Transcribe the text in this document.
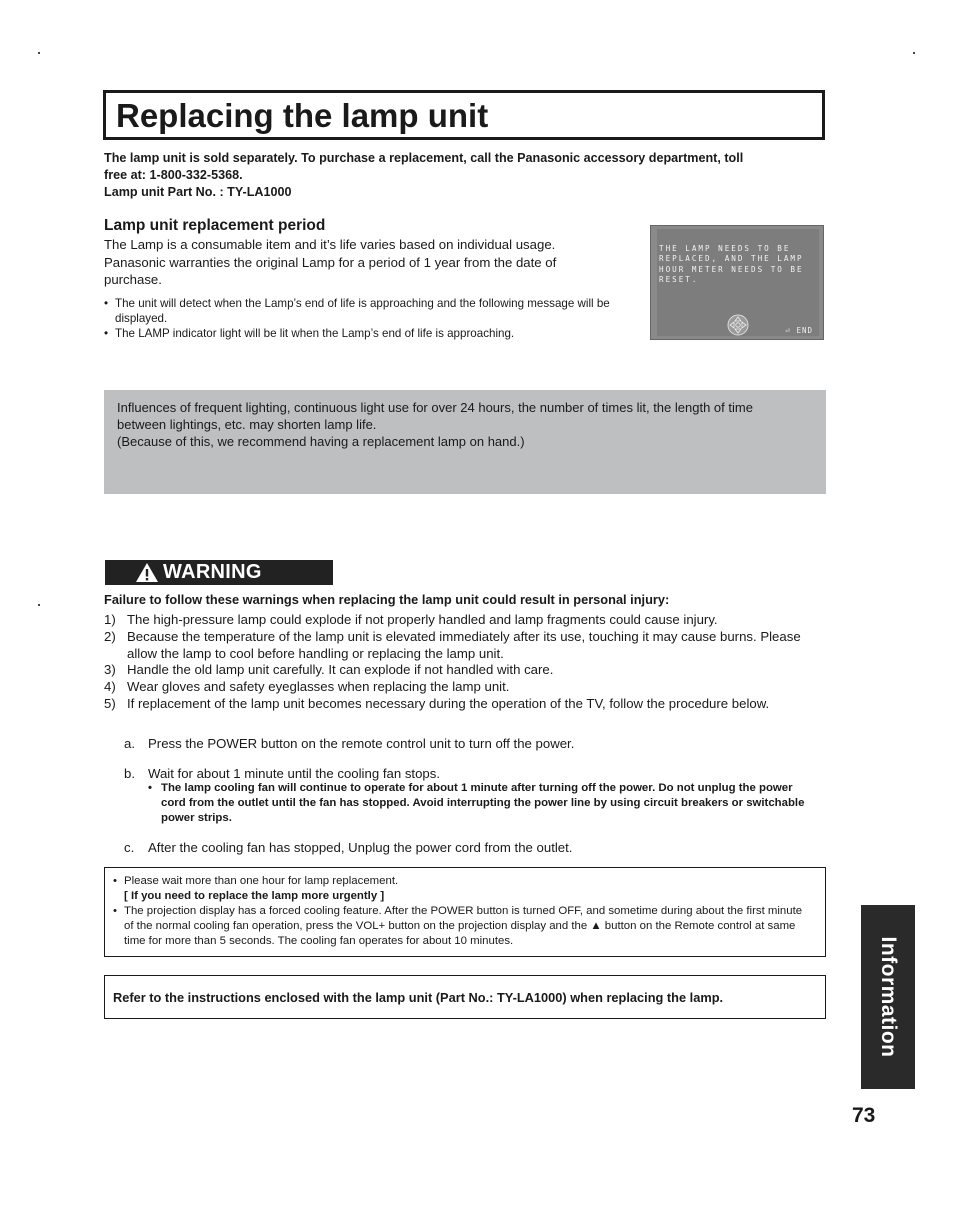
Replacing the lamp unit

The lamp unit is sold separately. To purchase a replacement, call the Panasonic accessory department, toll

free at: 1-800-332-5368.

Lamp unit Part No. : TY-LA1000

Lamp unit replacement period

The Lamp is a consumable item and it’s life varies based on individual usage.

Panasonic warranties the original Lamp for a period of 1 year from the date of

purchase.

• The unit will detect when the Lamp’s end of life is approaching and the following message will be displayed.
• The LAMP indicator light will be lit when the Lamp’s end of life is approaching.
THE LAMP NEEDS TO BE REPLACED, AND THE LAMP HOUR METER NEEDS TO BE RESET.
⏎ END

Influences of frequent lighting, continuous light use for over 24 hours, the number of times lit, the length of time

between lightings, etc. may shorten lamp life.

(Because of this, we recommend having a replacement lamp on hand.)

WARNING
Failure to follow these warnings when replacing the lamp unit could result in personal injury:
1) The high-pressure lamp could explode if not properly handled and lamp fragments could cause injury.
2) Because the temperature of the lamp unit is elevated immediately after its use, touching it may cause burns. Please allow the lamp to cool before handling or replacing the lamp unit.
3) Handle the old lamp unit carefully. It can explode if not handled with care.
4) Wear gloves and safety eyeglasses when replacing the lamp unit.
5) If replacement of the lamp unit becomes necessary during the operation of the TV, follow the procedure below.
a. Press the POWER button on the remote control unit to turn off the power.
b. Wait for about 1 minute until the cooling fan stops.
• The lamp cooling fan will continue to operate for about 1 minute after turning off the power. Do not unplug the power cord from the outlet until the fan has stopped. Avoid interrupting the power line by using circuit breakers or switchable power strips.
c. After the cooling fan has stopped, Unplug the power cord from the outlet.
• Please wait more than one hour for lamp replacement.
[ If you need to replace the lamp more urgently ]
• The projection display has a forced cooling feature. After the POWER button is turned OFF, and sometime during about the first minute of the normal cooling fan operation, press the VOL+ button on the projection display and the ▲ button on the Remote control at same time for more than 5 seconds. The cooling fan operates for about 10 minutes.
Refer to the instructions enclosed with the lamp unit (Part No.: TY-LA1000) when replacing the lamp.	Information
73
